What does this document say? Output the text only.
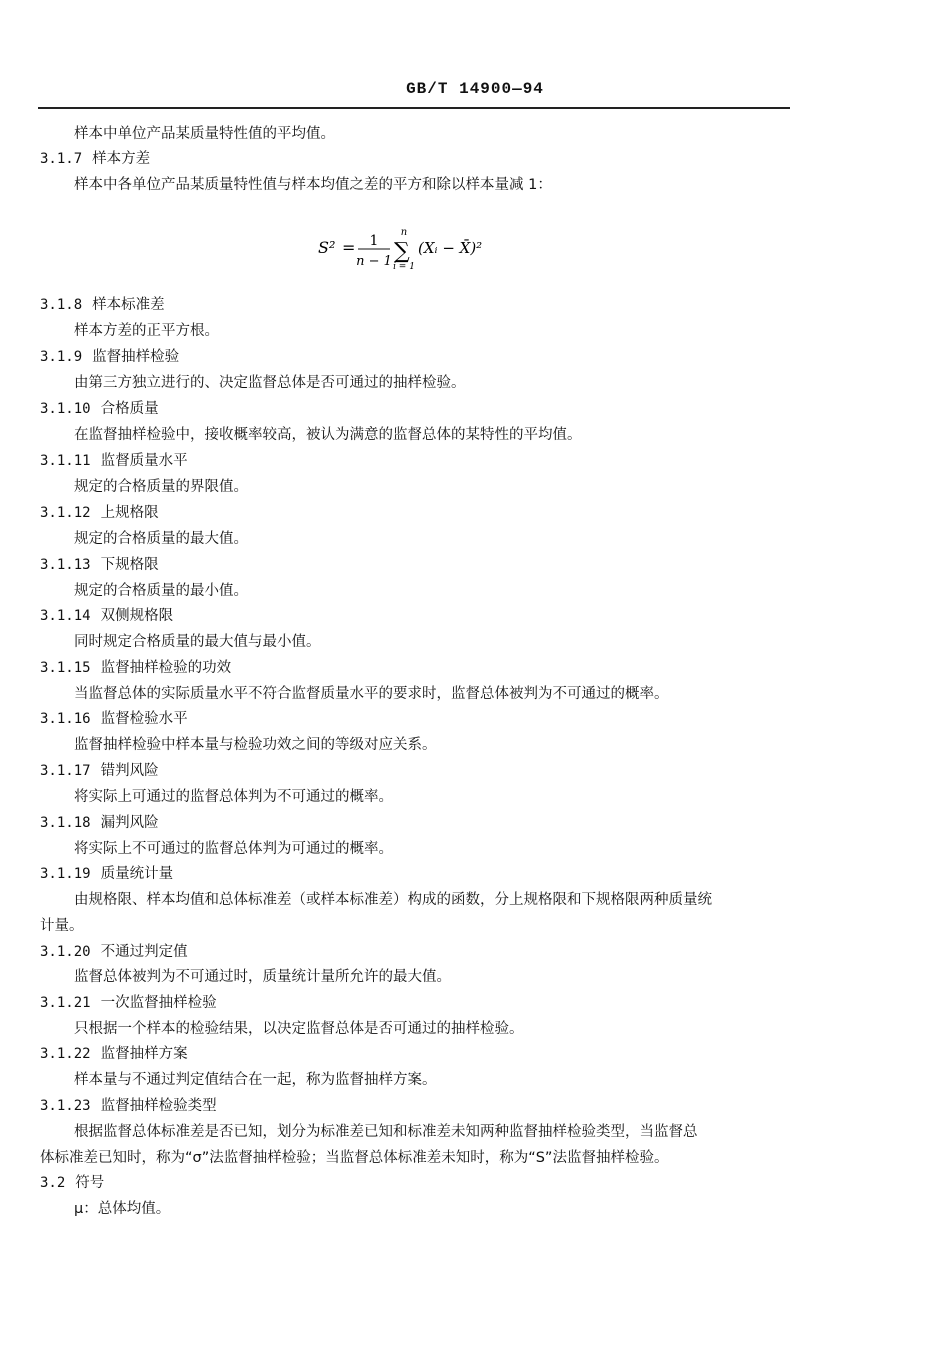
GB/T 14900—94
样本中单位产品某质量特性值的平均值。
3.1.7 样本方差
样本中各单位产品某质量特性值与样本均值之差的平方和除以样本量减 1：
3.1.8 样本标准差
样本方差的正平方根。
3.1.9 监督抽样检验
由第三方独立进行的、决定监督总体是否可通过的抽样检验。
3.1.10 合格质量
在监督抽样检验中，接收概率较高，被认为满意的监督总体的某特性的平均值。
3.1.11 监督质量水平
规定的合格质量的界限值。
3.1.12 上规格限
规定的合格质量的最大值。
3.1.13 下规格限
规定的合格质量的最小值。
3.1.14 双侧规格限
同时规定合格质量的最大值与最小值。
3.1.15 监督抽样检验的功效
当监督总体的实际质量水平不符合监督质量水平的要求时，监督总体被判为不可通过的概率。
3.1.16 监督检验水平
监督抽样检验中样本量与检验功效之间的等级对应关系。
3.1.17 错判风险
将实际上可通过的监督总体判为不可通过的概率。
3.1.18 漏判风险
将实际上不可通过的监督总体判为可通过的概率。
3.1.19 质量统计量
由规格限、样本均值和总体标准差（或样本标准差）构成的函数，分上规格限和下规格限两种质量统
计量。
3.1.20 不通过判定值
监督总体被判为不可通过时，质量统计量所允许的最大值。
3.1.21 一次监督抽样检验
只根据一个样本的检验结果，以决定监督总体是否可通过的抽样检验。
3.1.22 监督抽样方案
样本量与不通过判定值结合在一起，称为监督抽样方案。
3.1.23 监督抽样检验类型
根据监督总体标准差是否已知，划分为标准差已知和标准差未知两种监督抽样检验类型，当监督总
体标准差已知时，称为“σ”法监督抽样检验；当监督总体标准差未知时，称为“S”法监督抽样检验。
3.2 符号
μ：总体均值。
S² = 1
n − 1 ∑
n
i = 1
(Xᵢ − X̄)²
